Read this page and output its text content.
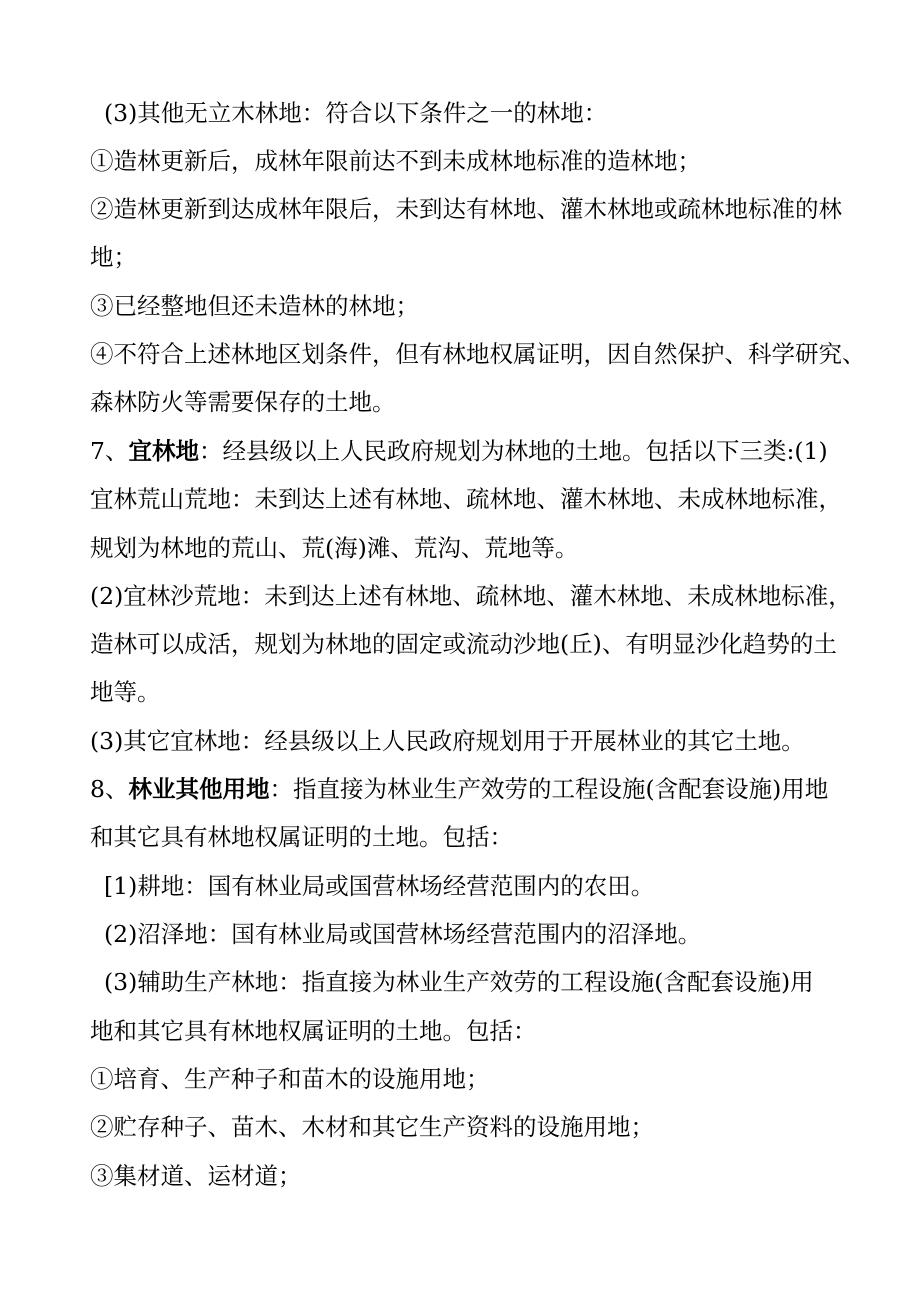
(3)其他无立木林地：符合以下条件之一的林地：
①造林更新后，成林年限前达不到未成林地标准的造林地；
②造林更新到达成林年限后，未到达有林地、灌木林地或疏林地标准的林
地；
③已经整地但还未造林的林地；
④不符合上述林地区划条件，但有林地权属证明，因自然保护、科学研究、
森林防火等需要保存的土地。
7、宜林地：经县级以上人民政府规划为林地的土地。包括以下三类:(1)
宜林荒山荒地：未到达上述有林地、疏林地、灌木林地、未成林地标准，
规划为林地的荒山、荒(海)滩、荒沟、荒地等。
(2)宜林沙荒地：未到达上述有林地、疏林地、灌木林地、未成林地标准，
造林可以成活，规划为林地的固定或流动沙地(丘)、有明显沙化趋势的土
地等。
(3)其它宜林地：经县级以上人民政府规划用于开展林业的其它土地。
8、林业其他用地：指直接为林业生产效劳的工程设施(含配套设施)用地
和其它具有林地权属证明的土地。包括：
[1)耕地：国有林业局或国营林场经营范围内的农田。
(2)沼泽地：国有林业局或国营林场经营范围内的沼泽地。
(3)辅助生产林地：指直接为林业生产效劳的工程设施(含配套设施)用
地和其它具有林地权属证明的土地。包括：
①培育、生产种子和苗木的设施用地；
②贮存种子、苗木、木材和其它生产资料的设施用地；
③集材道、运材道；
